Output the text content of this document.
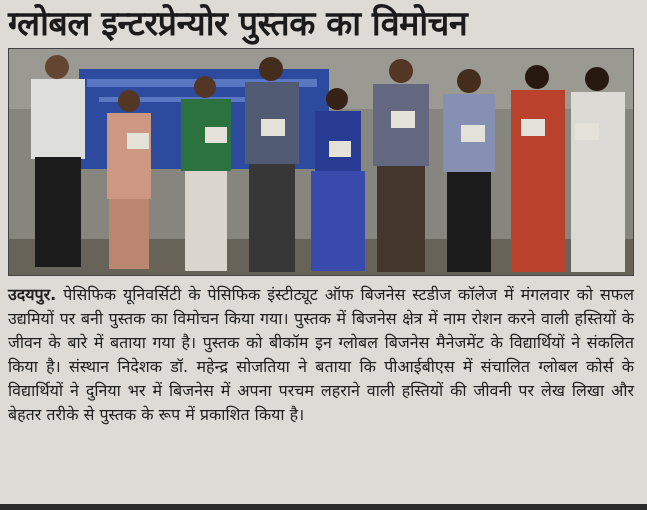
ग्लोबल इन्टरप्रेन्योर पुस्तक का विमोचन
उदयपुर. पेसिफिक यूनिवर्सिटी के पेसिफिक इंस्टीट्यूट ऑफ बिजनेस स्टडीज कॉलेज में मंगलवार को सफल उद्यमियों पर बनी पुस्तक का विमोचन किया गया। पुस्तक में बिजनेस क्षेत्र में नाम रोशन करने वाली हस्तियों के जीवन के बारे में बताया गया है। पुस्तक को बीकॉम इन ग्लोबल बिजनेस मैनेजमेंट के विद्यार्थियों ने संकलित किया है। संस्थान निदेशक डॉ. महेन्द्र सोजतिया ने बताया कि पीआईबीएस में संचालित ग्लोबल कोर्स के विद्यार्थियों ने दुनिया भर में बिजनेस में अपना परचम लहराने वाली हस्तियों की जीवनी पर लेख लिखा और बेहतर तरीके से पुस्तक के रूप में प्रकाशित किया है।
